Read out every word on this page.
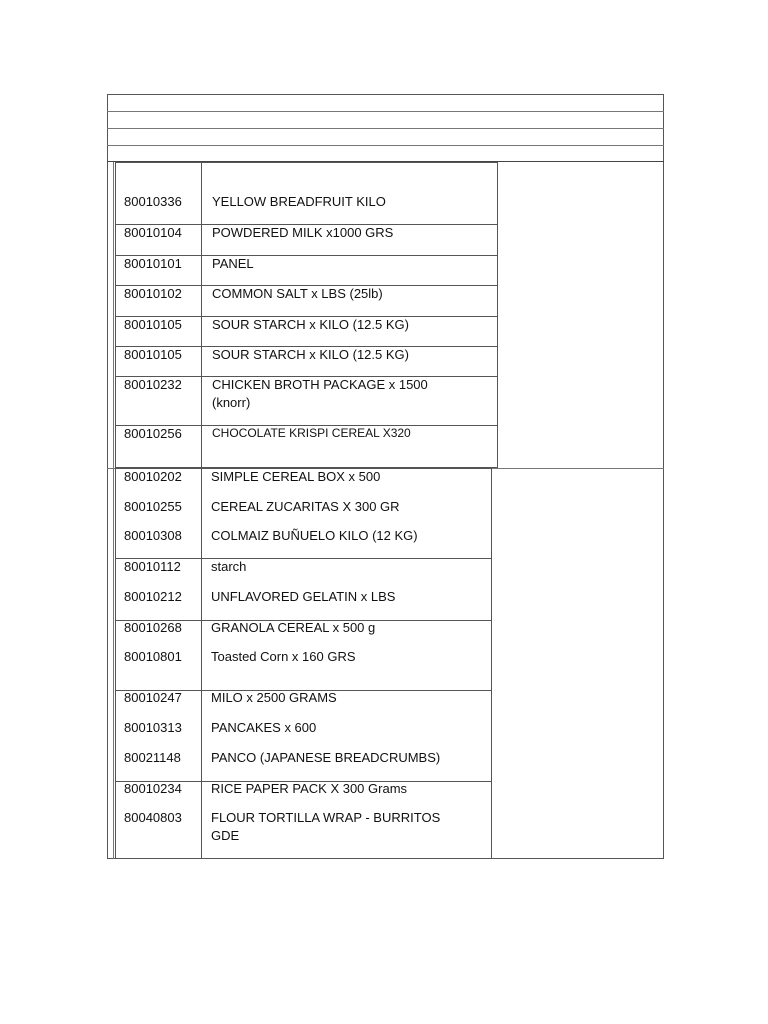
80010336 YELLOW BREADFRUIT KILO
80010104 POWDERED MILK x1000 GRS
80010101 PANEL
80010102 COMMON SALT x LBS (25lb)
80010105 SOUR STARCH x KILO (12.5 KG)
80010105 SOUR STARCH x KILO (12.5 KG)
80010232 CHICKEN BROTH PACKAGE x 1500 (knorr)
80010256	CHOCOLATE KRISPI CEREAL X320
80010202 SIMPLE CEREAL BOX x 500
80010255 CEREAL ZUCARITAS X 300 GR
80010308 COLMAIZ BUÑUELO KILO (12 KG)
80010112 starch
80010212 UNFLAVORED GELATIN x LBS
80010268 GRANOLA CEREAL x 500 g
80010801 Toasted Corn x 160 GRS
80010247 MILO x 2500 GRAMS
80010313 PANCAKES x 600
80021148 PANCO (JAPANESE BREADCRUMBS)
80010234 RICE PAPER PACK X 300 Grams
80040803 FLOUR TORTILLA WRAP - BURRITOS GDE
